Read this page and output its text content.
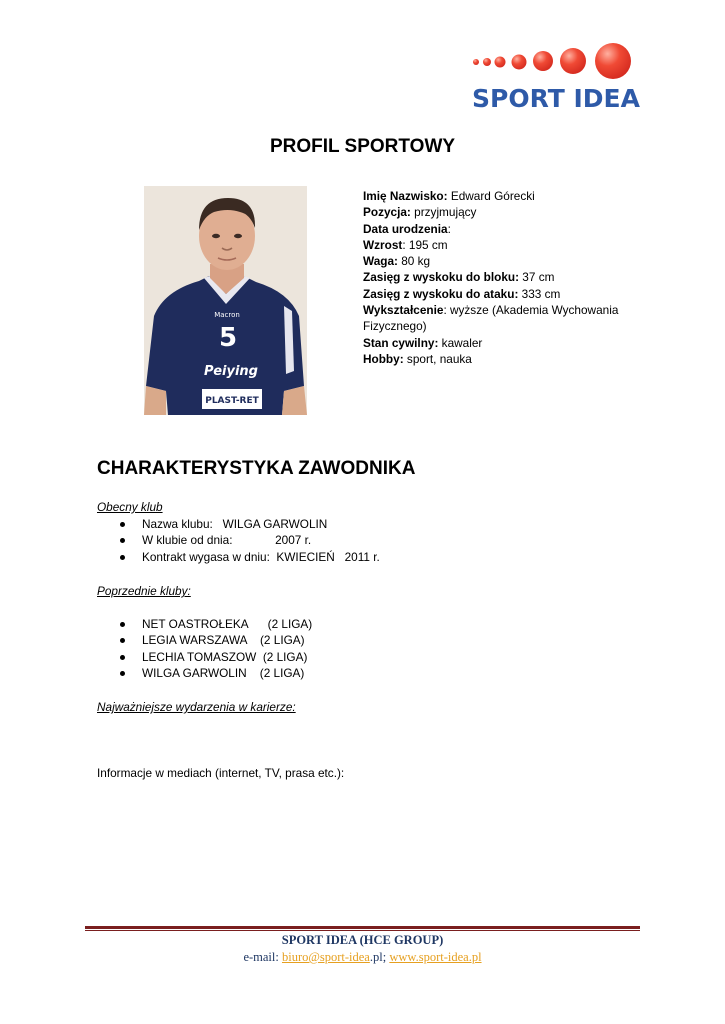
SPORT IDEA
PROFIL SPORTOWY
Macron
5
Peiying
PLAST-RET
Imię Nazwisko: Edward Górecki
Pozycja: przyjmujący
Data urodzenia:
Wzrost: 195 cm
Waga: 80 kg
Zasięg z wyskoku do bloku: 37 cm
Zasięg z wyskoku do ataku: 333 cm
Wykształcenie: wyższe (Akademia Wychowania Fizycznego)
Stan cywilny: kawaler
Hobby: sport, nauka
CHARAKTERYSTYKA ZAWODNIKA
Obecny klub
Nazwa klubu:   WILGA GARWOLIN
W klubie od dnia:             2007 r.
Kontrakt wygasa w dniu:  KWIECIEŃ   2011 r.
Poprzednie kluby:
NET OASTROŁEKA      (2 LIGA)
LEGIA WARSZAWA    (2 LIGA)
LECHIA TOMASZOW  (2 LIGA)
WILGA GARWOLIN    (2 LIGA)
Najważniejsze wydarzenia w karierze:
Informacje w mediach (internet, TV, prasa etc.):
SPORT IDEA (HCE GROUP)
e-mail: biuro@sport-idea.pl; www.sport-idea.pl
